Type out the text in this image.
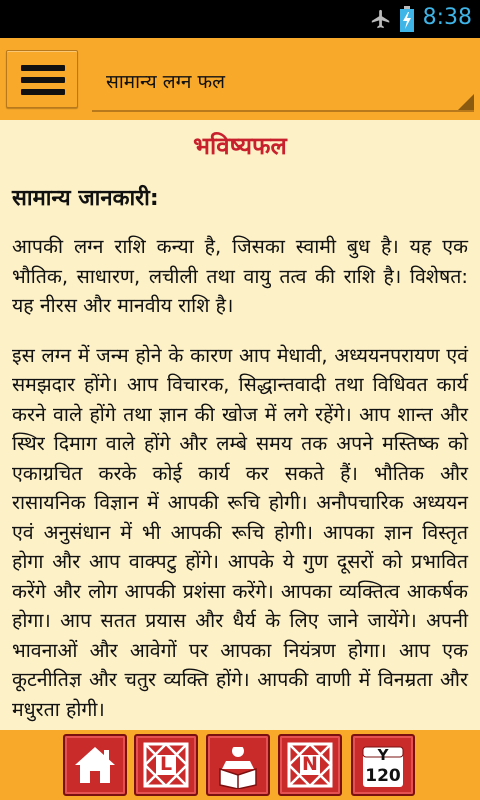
8:38
सामान्य लग्न फल
भविष्यफल
सामान्य जानकारी:

आपकी लग्न राशि कन्या है, जिसका स्वामी बुध है। यह एक भौतिक, साधारण, लचीली तथा वायु तत्व की राशि है। विशेषत: यह नीरस और मानवीय राशि है।

इस लग्न में जन्म होने के कारण आप मेधावी, अध्ययनपरायण एवं समझदार होंगे। आप विचारक, सिद्धान्तवादी तथा विधिवत कार्य करने वाले होंगे तथा ज्ञान की खोज में लगे रहेंगे। आप शान्त और स्थिर दिमाग वाले होंगे और लम्बे समय तक अपने मस्तिष्क को एकाग्रचित करके कोई कार्य कर सकते हैं। भौतिक और रासायनिक विज्ञान में आपकी रूचि होगी। अनौपचारिक अध्ययन एवं अनुसंधान में भी आपकी रूचि होगी। आपका ज्ञान विस्तृत होगा और आप वाक्पटु होंगे। आपके ये गुण दूसरों को प्रभावित करेंगे और लोग आपकी प्रशंसा करेंगे। आपका व्यक्तित्व आकर्षक होगा। आप सतत प्रयास और धैर्य के लिए जाने जायेंगे। अपनी भावनाओं और आवेगों पर आपका नियंत्रण होगा। आप एक कूटनीतिज्ञ और चतुर व्यक्ति होंगे। आपकी वाणी में विनम्रता और मधुरता होगी।

L	N	Y
120
